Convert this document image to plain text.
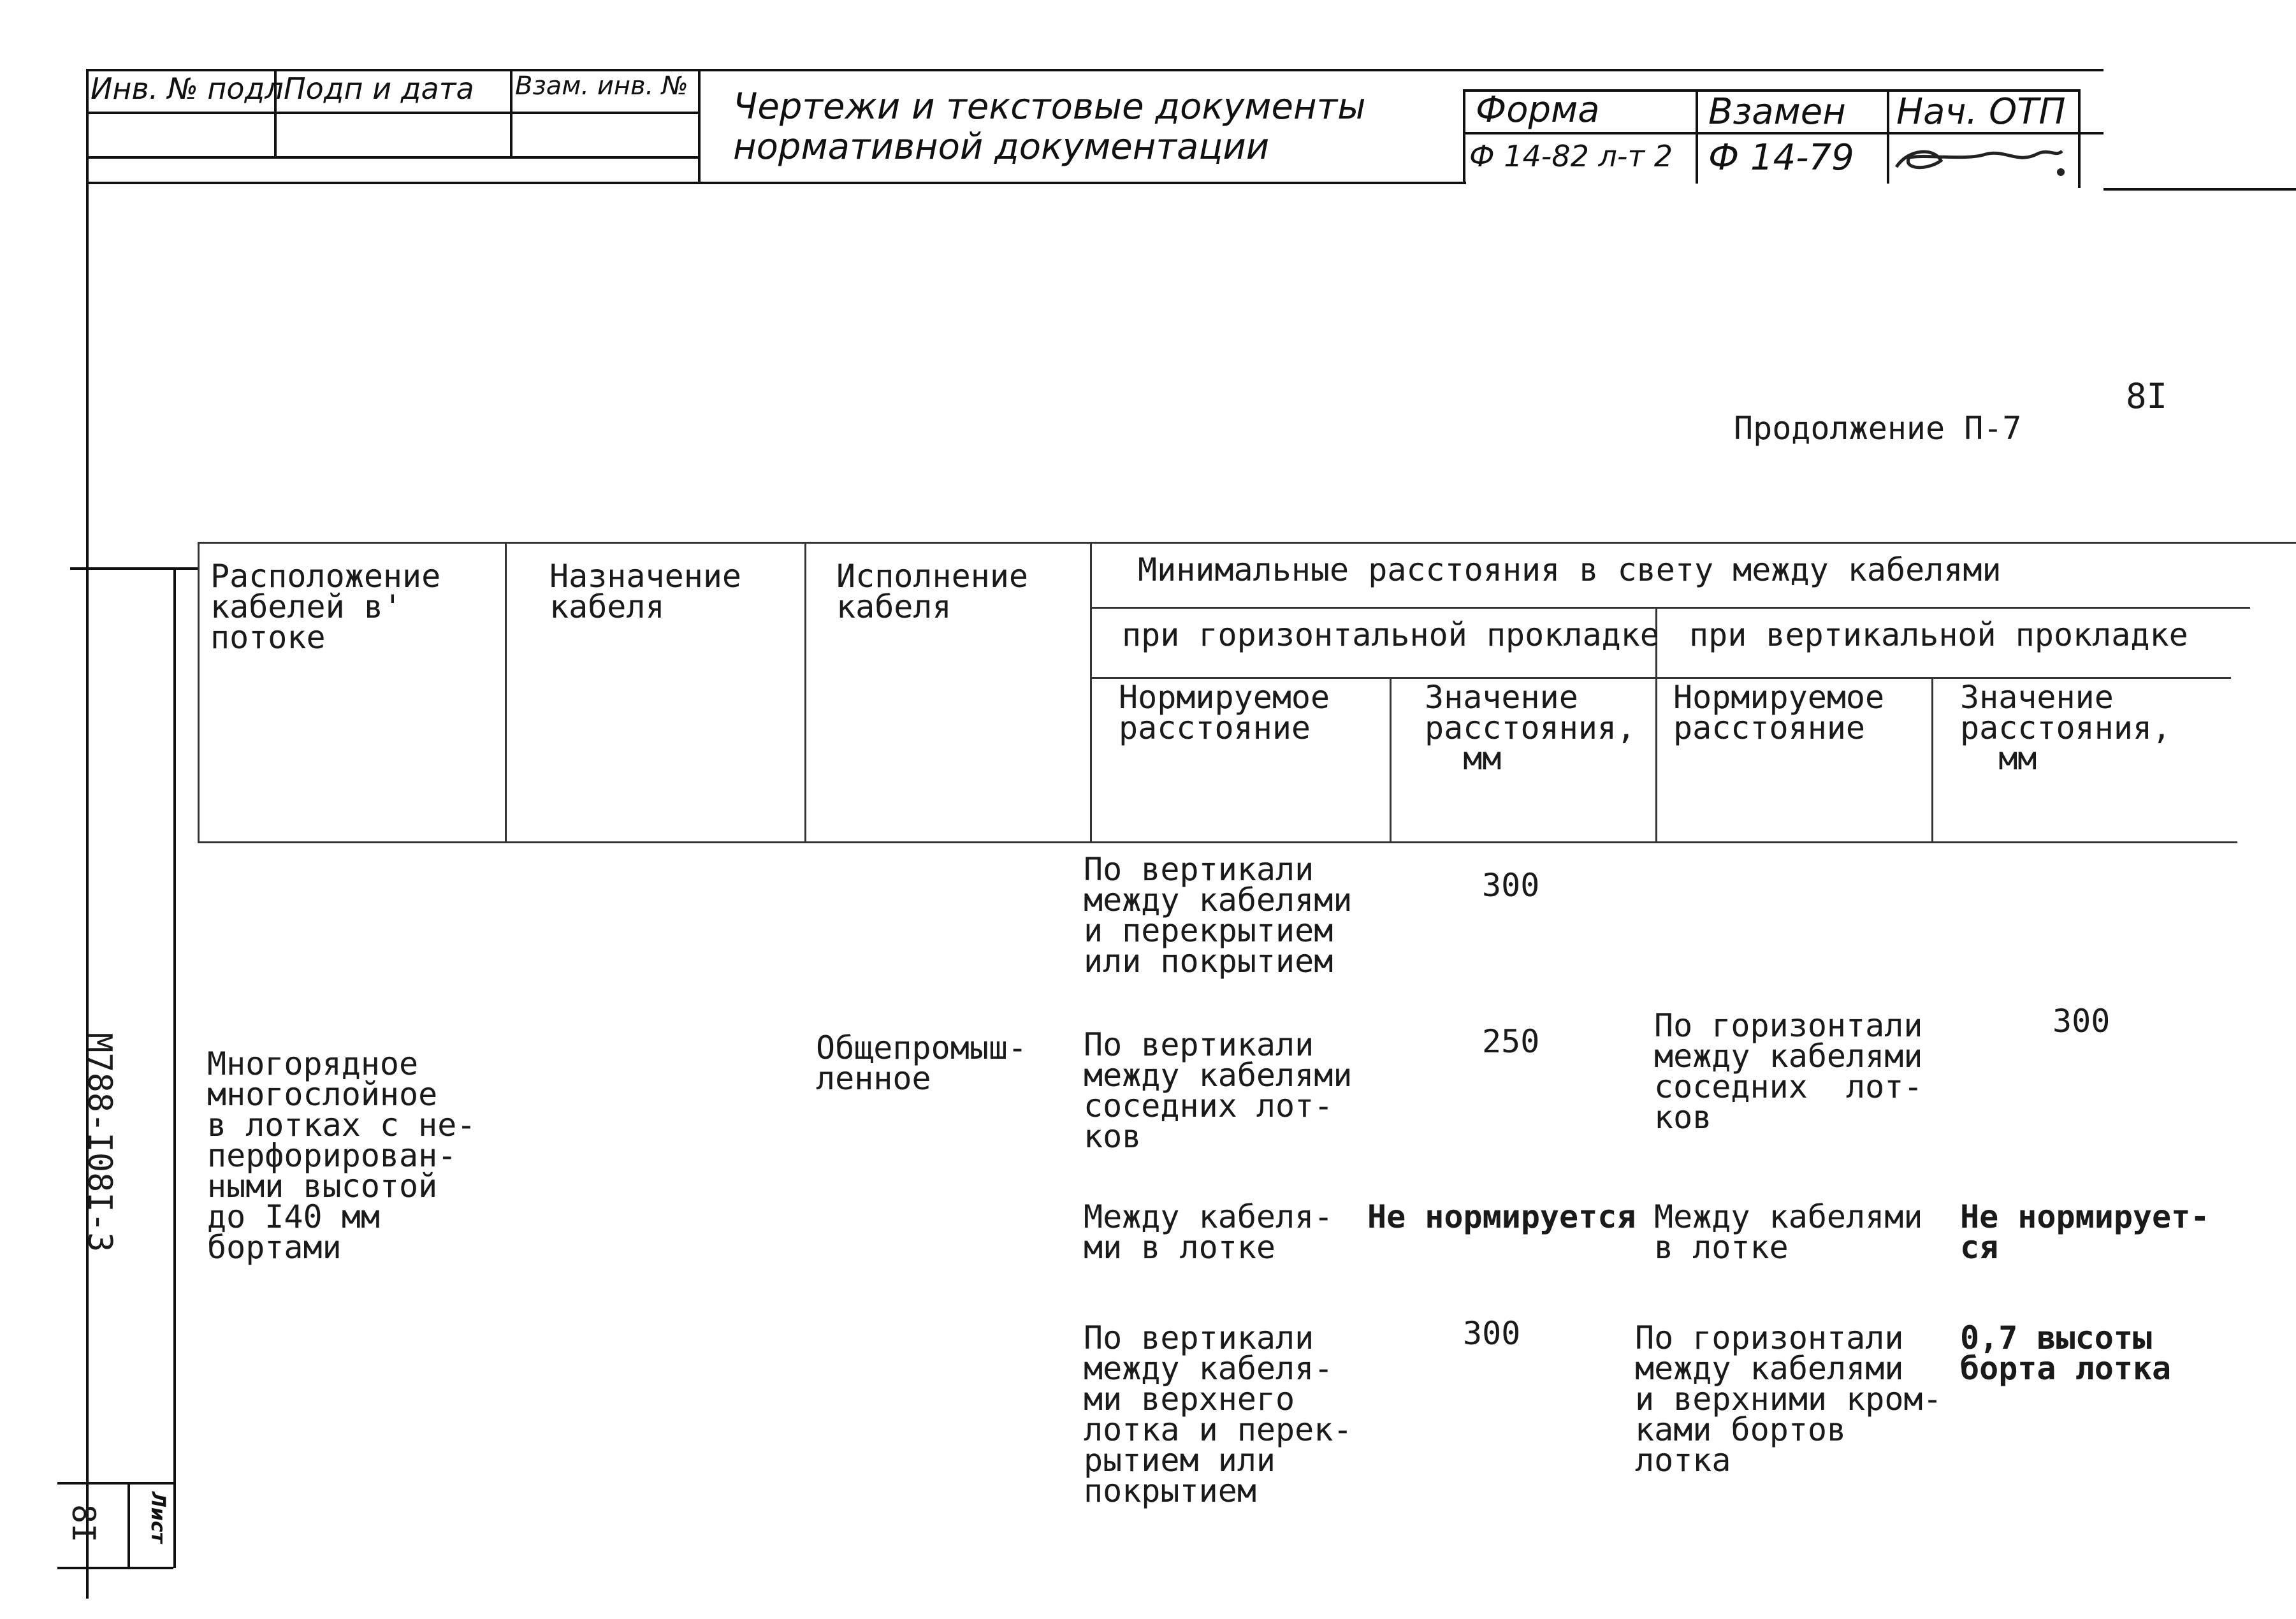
Инв. № подл Подп и дата Взам. инв. № Чертежи и текстовые документы
нормативной документации
Форма
Ф 14-82 л-т 2
Взамен
Ф 14-79
Нач. ОТП
8I
Продолжение П-7
М788-I08I-3
8I Лист
Расположение
кабелей в'
потоке
Назначение
кабеля
Исполнение
кабеля
Минимальные расстояния в свету между кабелями
при горизонтальной прокладке при вертикальной прокладке
Нормируемое
расстояние
Значение
расстояния,
мм
Нормируемое
расстояние
Значение
расстояния,
мм
Многорядное
многослойное
в лотках с не-
перфорирован-
ными высотой
до I40 мм
бортами
Общепромыш-
ленное
По вертикали
между кабелями
и перекрытием
или покрытием
300
По вертикали
между кабелями
соседних лот-
ков
250	По горизонтали
между кабелями
соседних  лот-
ков
300
Между кабеля-
ми в лотке
Не нормируется Между кабелями
в лотке
Не нормирует-
ся
По вертикали
между кабеля-
ми верхнего
лотка и перек-
рытием или
покрытием
300	По горизонтали
между кабелями
и верхними кром-
ками бортов
лотка
0,7 высоты
борта лотка
